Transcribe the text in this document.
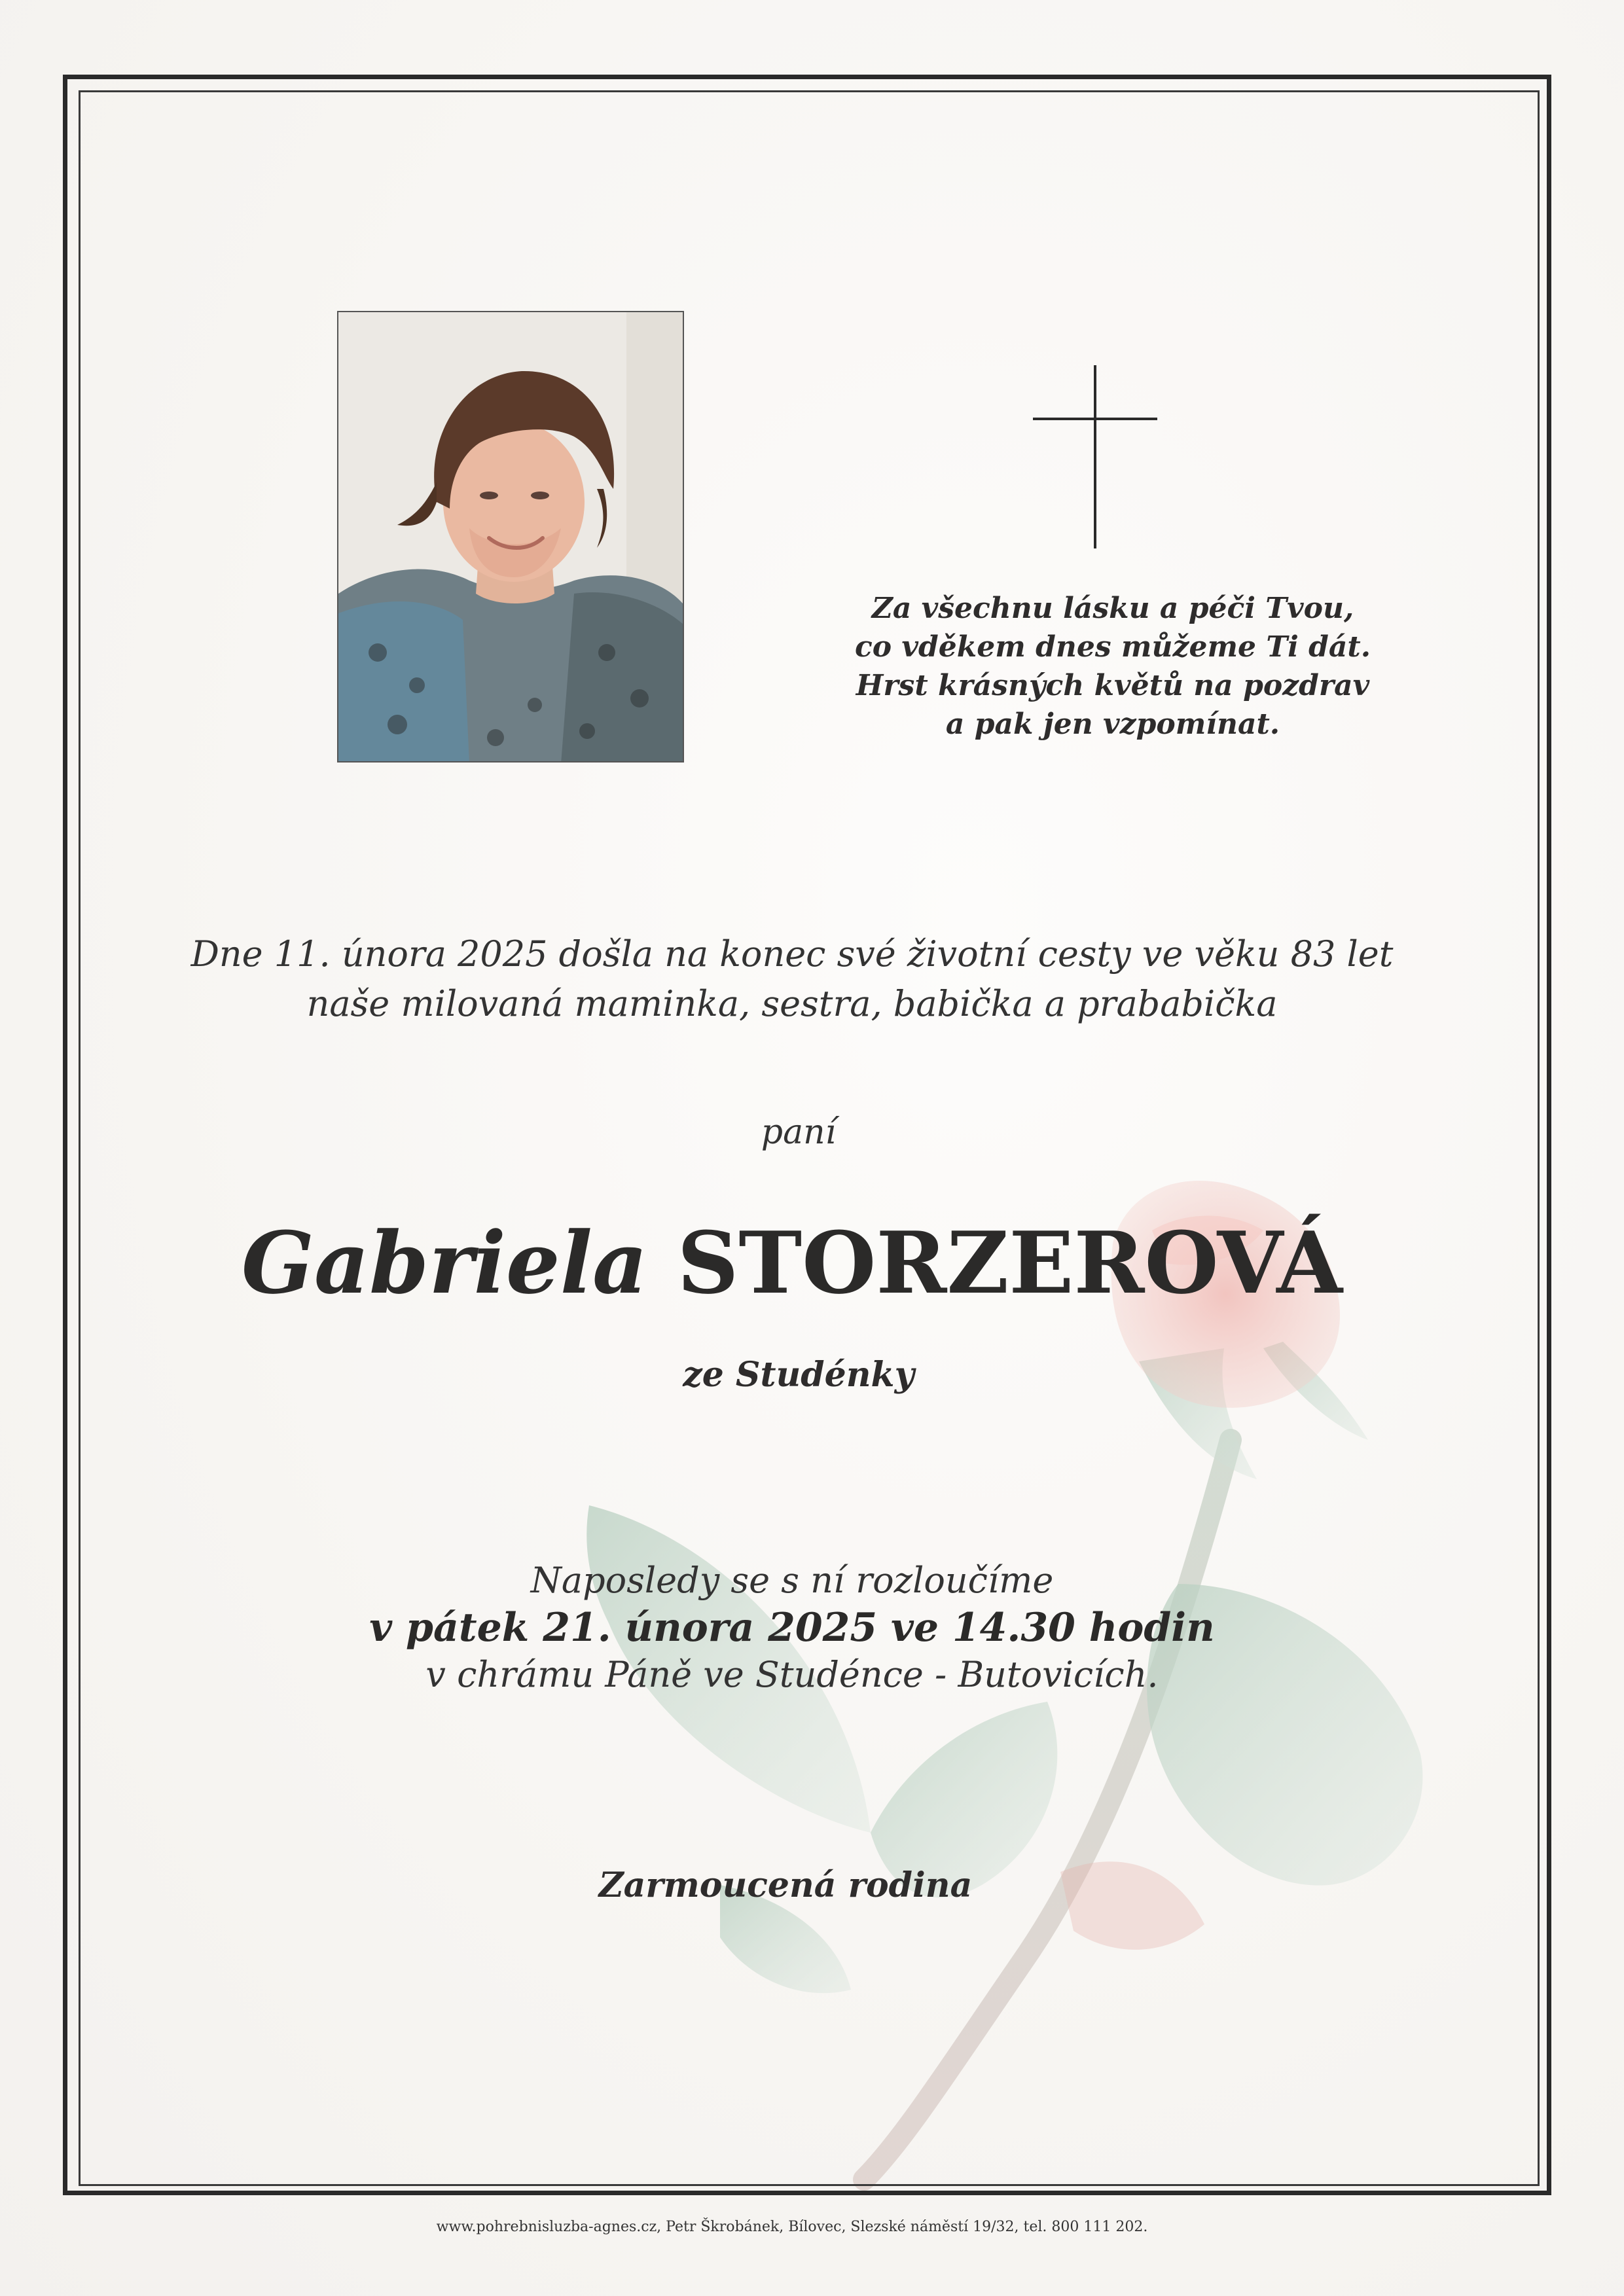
Za všechnu lásku a péči Tvou,
co vděkem dnes můžeme Ti dát.
Hrst krásných květů na pozdrav
a pak jen vzpomínat.
Dne 11. února 2025 došla na konec své životní cesty ve věku 83 let
naše milovaná maminka, sestra, babička a prababička
paní
Gabriela STORZEROVÁ
ze Studénky
Naposledy se s ní rozloučíme
v pátek 21. února 2025 ve 14.30 hodin
v chrámu Páně ve Studénce - Butovicích.
Zarmoucená rodina
www.pohrebnisluzba-agnes.cz, Petr Škrobánek, Bílovec, Slezské náměstí 19/32, tel. 800 111 202.
